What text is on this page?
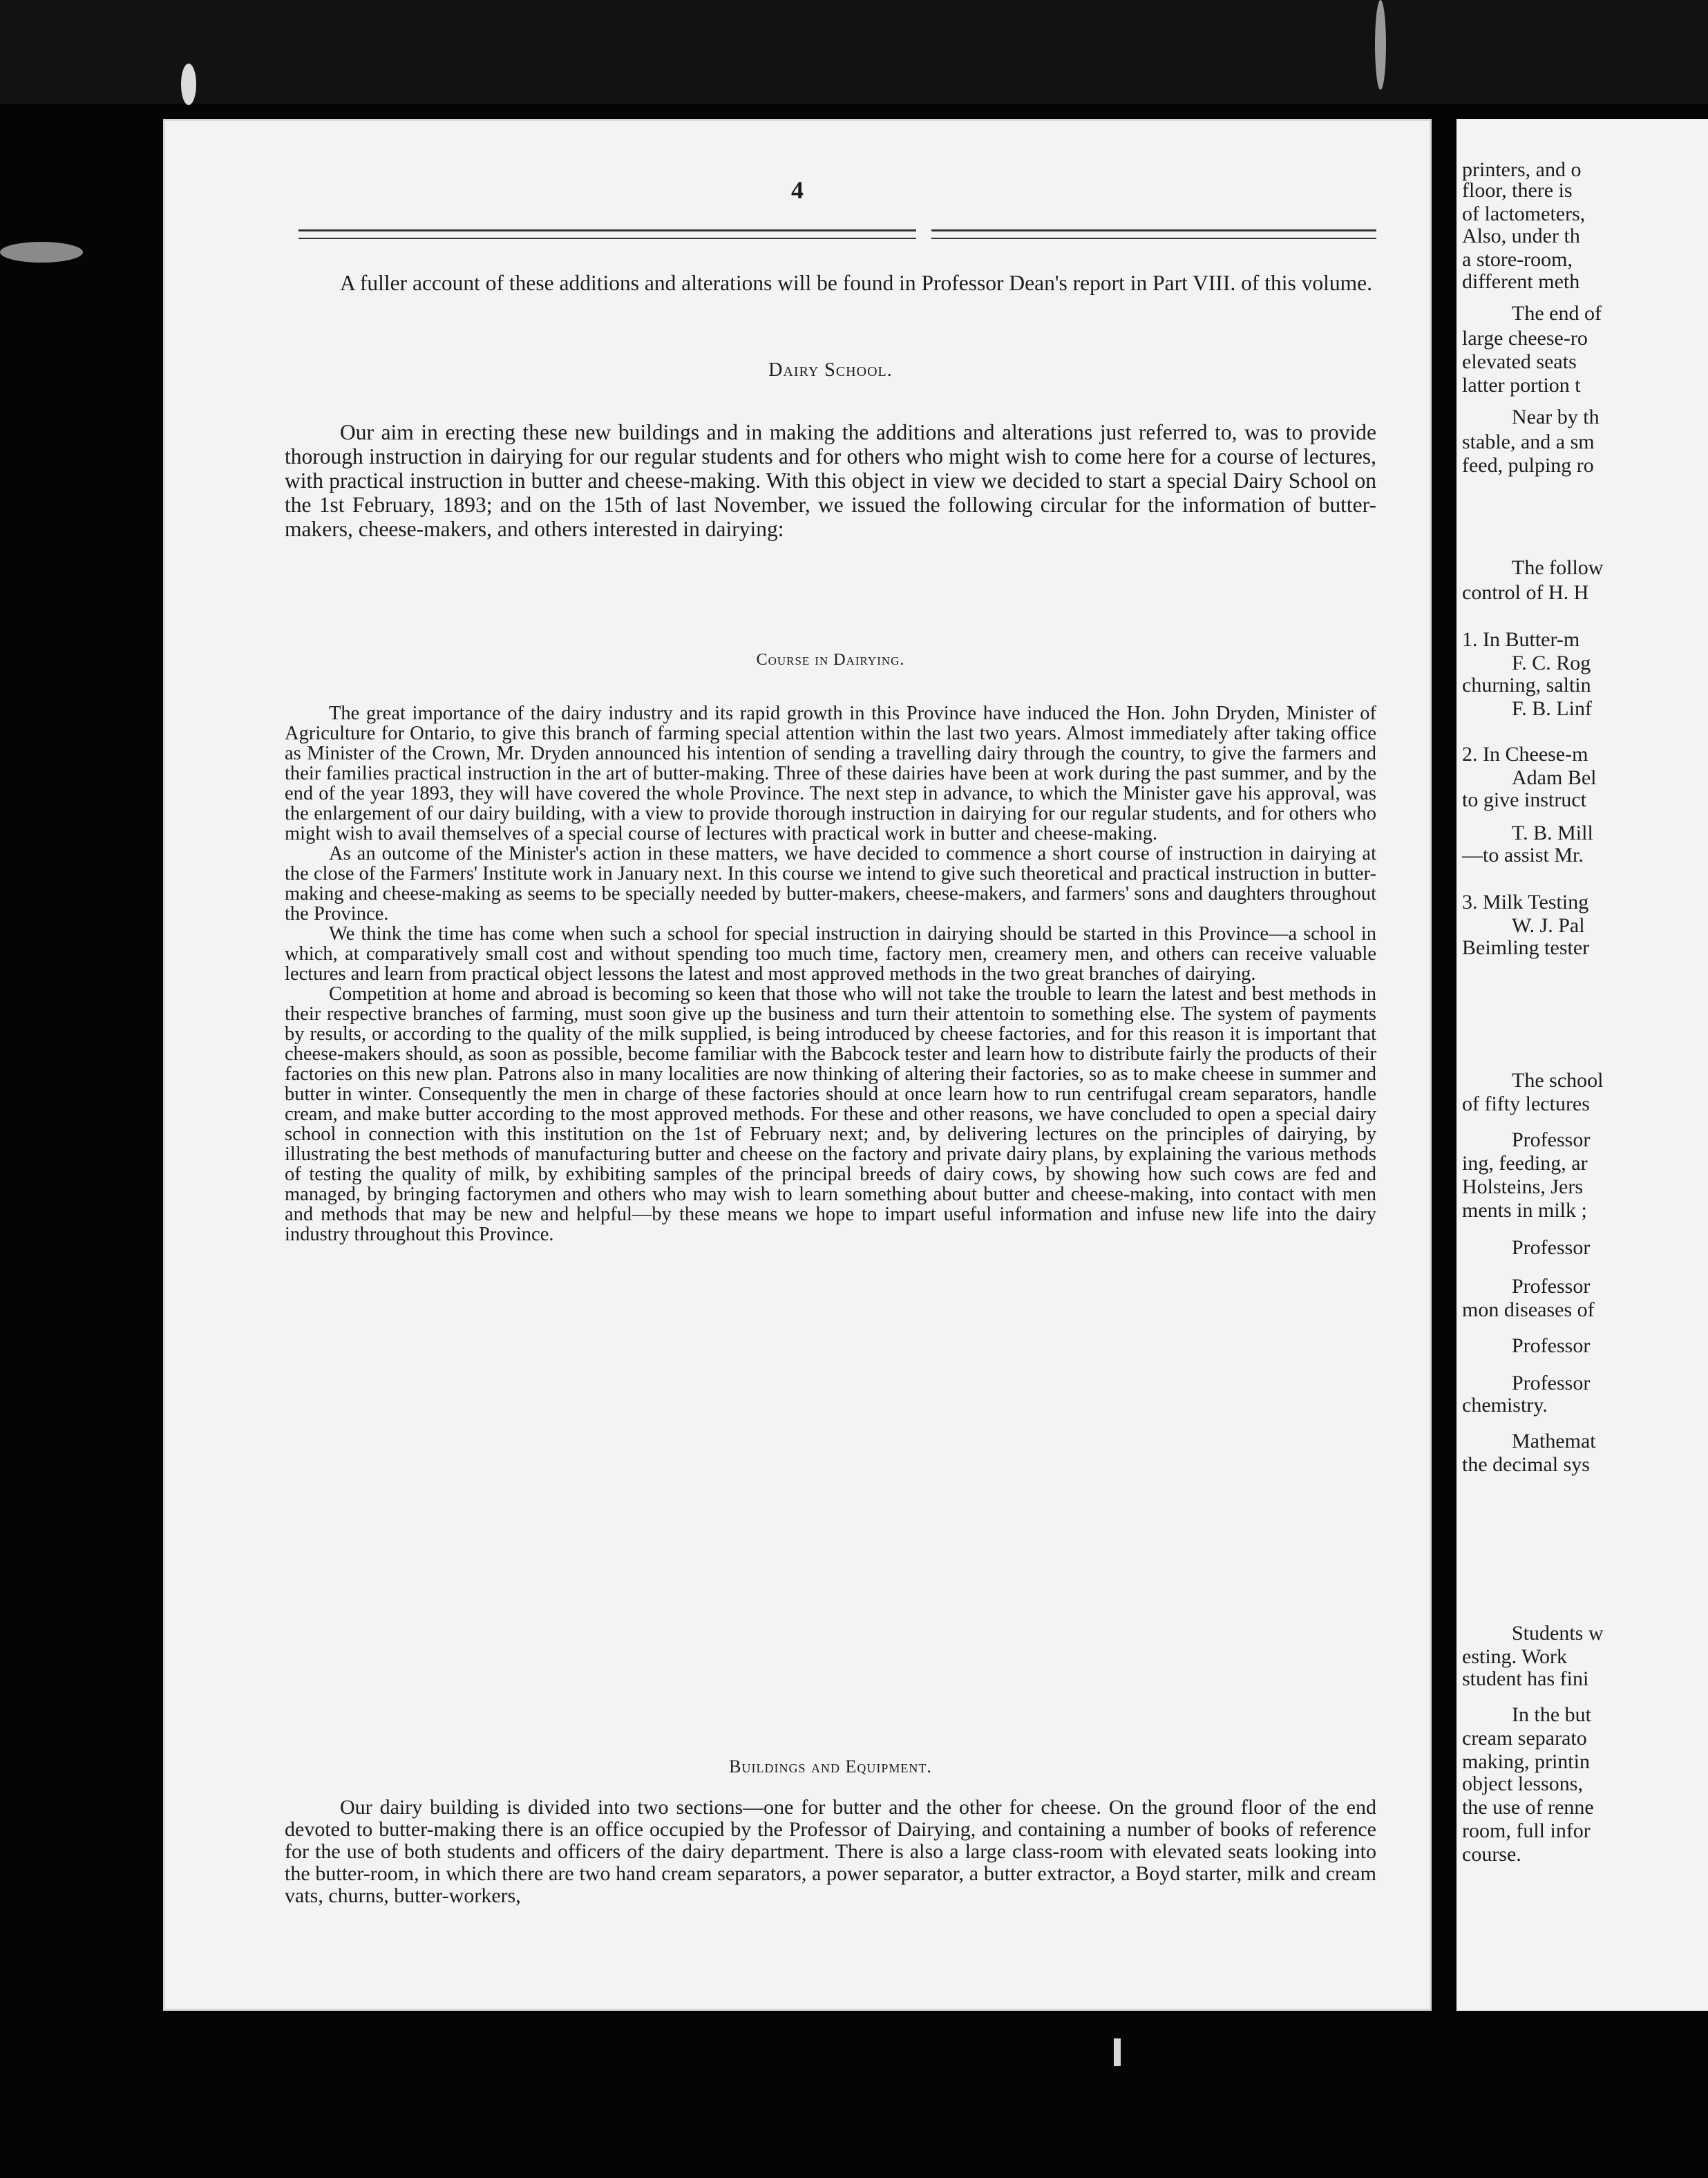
4

A fuller account of these additions and alterations will be found in Professor Dean's report in Part VIII. of this volume.

Dairy School.

Our aim in erecting these new buildings and in making the additions and alterations just referred to, was to provide thorough instruction in dairying for our regular students and for others who might wish to come here for a course of lectures, with practical instruction in butter and cheese-making. With this object in view we decided to start a special Dairy School on the 1st February, 1893; and on the 15th of last November, we issued the following circular for the information of butter-makers, cheese-makers, and others interested in dairying:

Course in Dairying.

The great importance of the dairy industry and its rapid growth in this Province have induced the Hon. John Dryden, Minister of Agriculture for Ontario, to give this branch of farming special attention within the last two years. Almost immediately after taking office as Minister of the Crown, Mr. Dryden announced his intention of sending a travelling dairy through the country, to give the farmers and their families practical instruction in the art of butter-making. Three of these dairies have been at work during the past summer, and by the end of the year 1893, they will have covered the whole Province. The next step in advance, to which the Minister gave his approval, was the enlargement of our dairy building, with a view to provide thorough instruction in dairying for our regular students, and for others who might wish to avail themselves of a special course of lectures with practical work in butter and cheese-making.

As an outcome of the Minister's action in these matters, we have decided to commence a short course of instruction in dairying at the close of the Farmers' Institute work in January next. In this course we intend to give such theoretical and practical instruction in butter-making and cheese-making as seems to be specially needed by butter-makers, cheese-makers, and farmers' sons and daughters throughout the Province.

We think the time has come when such a school for special instruction in dairying should be started in this Province—a school in which, at comparatively small cost and without spending too much time, factory men, creamery men, and others can receive valuable lectures and learn from practical object lessons the latest and most approved methods in the two great branches of dairying.

Competition at home and abroad is becoming so keen that those who will not take the trouble to learn the latest and best methods in their respective branches of farming, must soon give up the business and turn their attentoin to something else. The system of payments by results, or according to the quality of the milk supplied, is being introduced by cheese factories, and for this reason it is important that cheese-makers should, as soon as possible, become familiar with the Babcock tester and learn how to distribute fairly the products of their factories on this new plan. Patrons also in many localities are now thinking of altering their factories, so as to make cheese in summer and butter in winter. Consequently the men in charge of these factories should at once learn how to run centrifugal cream separators, handle cream, and make butter according to the most approved methods. For these and other reasons, we have concluded to open a special dairy school in connection with this institution on the 1st of February next; and, by delivering lectures on the principles of dairying, by illustrating the best methods of manufacturing butter and cheese on the factory and private dairy plans, by explaining the various methods of testing the quality of milk, by exhibiting samples of the principal breeds of dairy cows, by showing how such cows are fed and managed, by bringing factorymen and others who may wish to learn something about butter and cheese-making, into contact with men and methods that may be new and helpful—by these means we hope to impart useful information and infuse new life into the dairy industry throughout this Province.

Buildings and Equipment.

Our dairy building is divided into two sections—one for butter and the other for cheese. On the ground floor of the end devoted to butter-making there is an office occupied by the Professor of Dairying, and containing a number of books of reference for the use of both students and officers of the dairy department. There is also a large class-room with elevated seats looking into the butter-room, in which there are two hand cream separators, a power separator, a butter extractor, a Boyd starter, milk and cream vats, churns, butter-workers,

printers, and o
floor, there is
of lactometers,
Also, under th
a store-room,
different meth
The end of
large cheese-ro
elevated seats
latter portion t
Near by th
stable, and a sm
feed, pulping ro
The follow
control of H. H
1. In Butter-m
F. C. Rog
churning, saltin
F. B. Linf
2. In Cheese-m
Adam Bel
to give instruct
T. B. Mill
—to assist Mr.
3. Milk Testing
W. J. Pal
Beimling tester
The school
of fifty lectures
Professor
ing, feeding, ar
Holsteins, Jers
ments in milk ;
Professor
Professor
mon diseases of
Professor
Professor
chemistry.
Mathemat
the decimal sys
Students w
esting. Work
student has fini
In the but
cream separato
making, printin
object lessons,
the use of renne
room, full infor
course.
